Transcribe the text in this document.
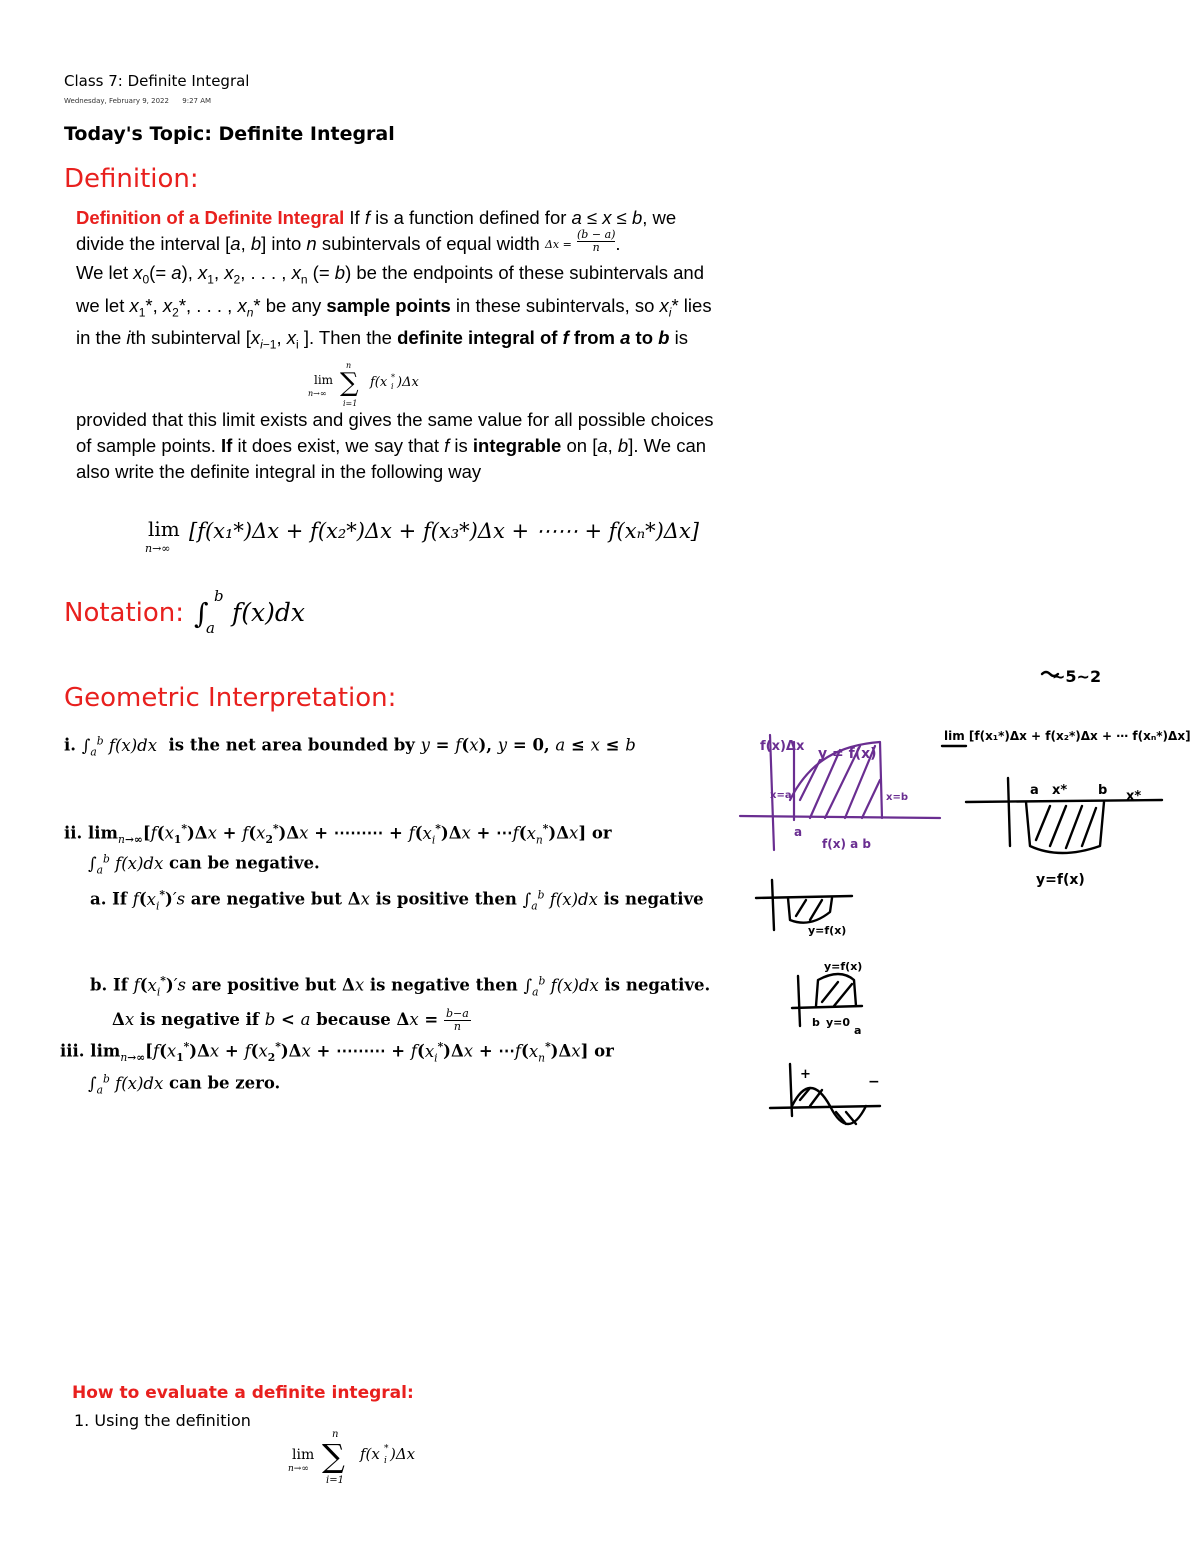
Class 7: Definite Integral
Wednesday, February 9, 2022      9:27 AM
Today's Topic: Definite Integral
Definition:
Definition of a Definite Integral If f is a function defined for a ≤ x ≤ b, we
divide the interval [a, b] into n subintervals of equal width $\Delta x = \frac{(b - a)}{n}$ .
We let $x_0(= a)$, $x_1$, $x_2$, . . . , $x_n$ (= b) be the endpoints of these subintervals and
we let $x_1*$, $x_2*$, . . . , $x_n*$ be any sample points in these subintervals, so $x_i*$ lies
in the ith subinterval [$x_{i-1}$, $x_i$ ]. Then the definite integral of f from a to b is
lim
n→∞ ∑
n
i=1
f(x i
* )Δx
provided that this limit exists and gives the same value for all possible choices
of sample points. If it does exist, we say that f is integrable on [a, b]. We can
also write the definite integral in the following way
lim
n→∞
[f(x₁*)Δx + f(x₂*)Δx + f(x₃*)Δx + ⋯⋯ + f(xₙ*)Δx]
Notation: ∫
b
a
f(x)dx
Geometric Interpretation:
i. $\int_a^b$ f(x)dx  is the net area bounded by y = f(x), y = 0, a ≤ x ≤ b
ii. $\lim_{n\to\infty}[f(x_1^*)\Delta x + f(x_2^*)\Delta x$ + ⋯⋯⋯ + $f(x_i^*)\Delta x$ + $\cdots f(x_n^*)\Delta x$] or
$\int_a^b$ f(x)dx can be negative.
a. If $f(x_i^*)'s$ are negative but Δx is positive then $\int_a^b$ f(x)dx is negative
b. If $f(x_i^*)'s$ are positive but Δx is negative then $\int_a^b$ f(x)dx is negative.
Δx is negative if b < a because $\Delta x = \frac{b-a}{n}$
iii. $\lim_{n\to\infty}[f(x_1^*)\Delta x + f(x_2^*)\Delta x$ + ⋯⋯⋯ + $f(x_i^*)\Delta x$ + $\cdots f(x_n^*)\Delta x$] or
$\int_a^b$ f(x)dx can be zero.
~5~2
f(x)Δx y = f(x)
x=a	x=b
a
f(x) a b
lim [f(x₁*)Δx + f(x₂*)Δx + ⋯ f(xₙ*)Δx]
a x* b x*
y=f(x)
y=f(x)
y=f(x)
b y=0
a
+	−
How to evaluate a definite integral:
1. Using the definition
lim
n→∞ ∑
n
i=1
f(x i
* )Δx
